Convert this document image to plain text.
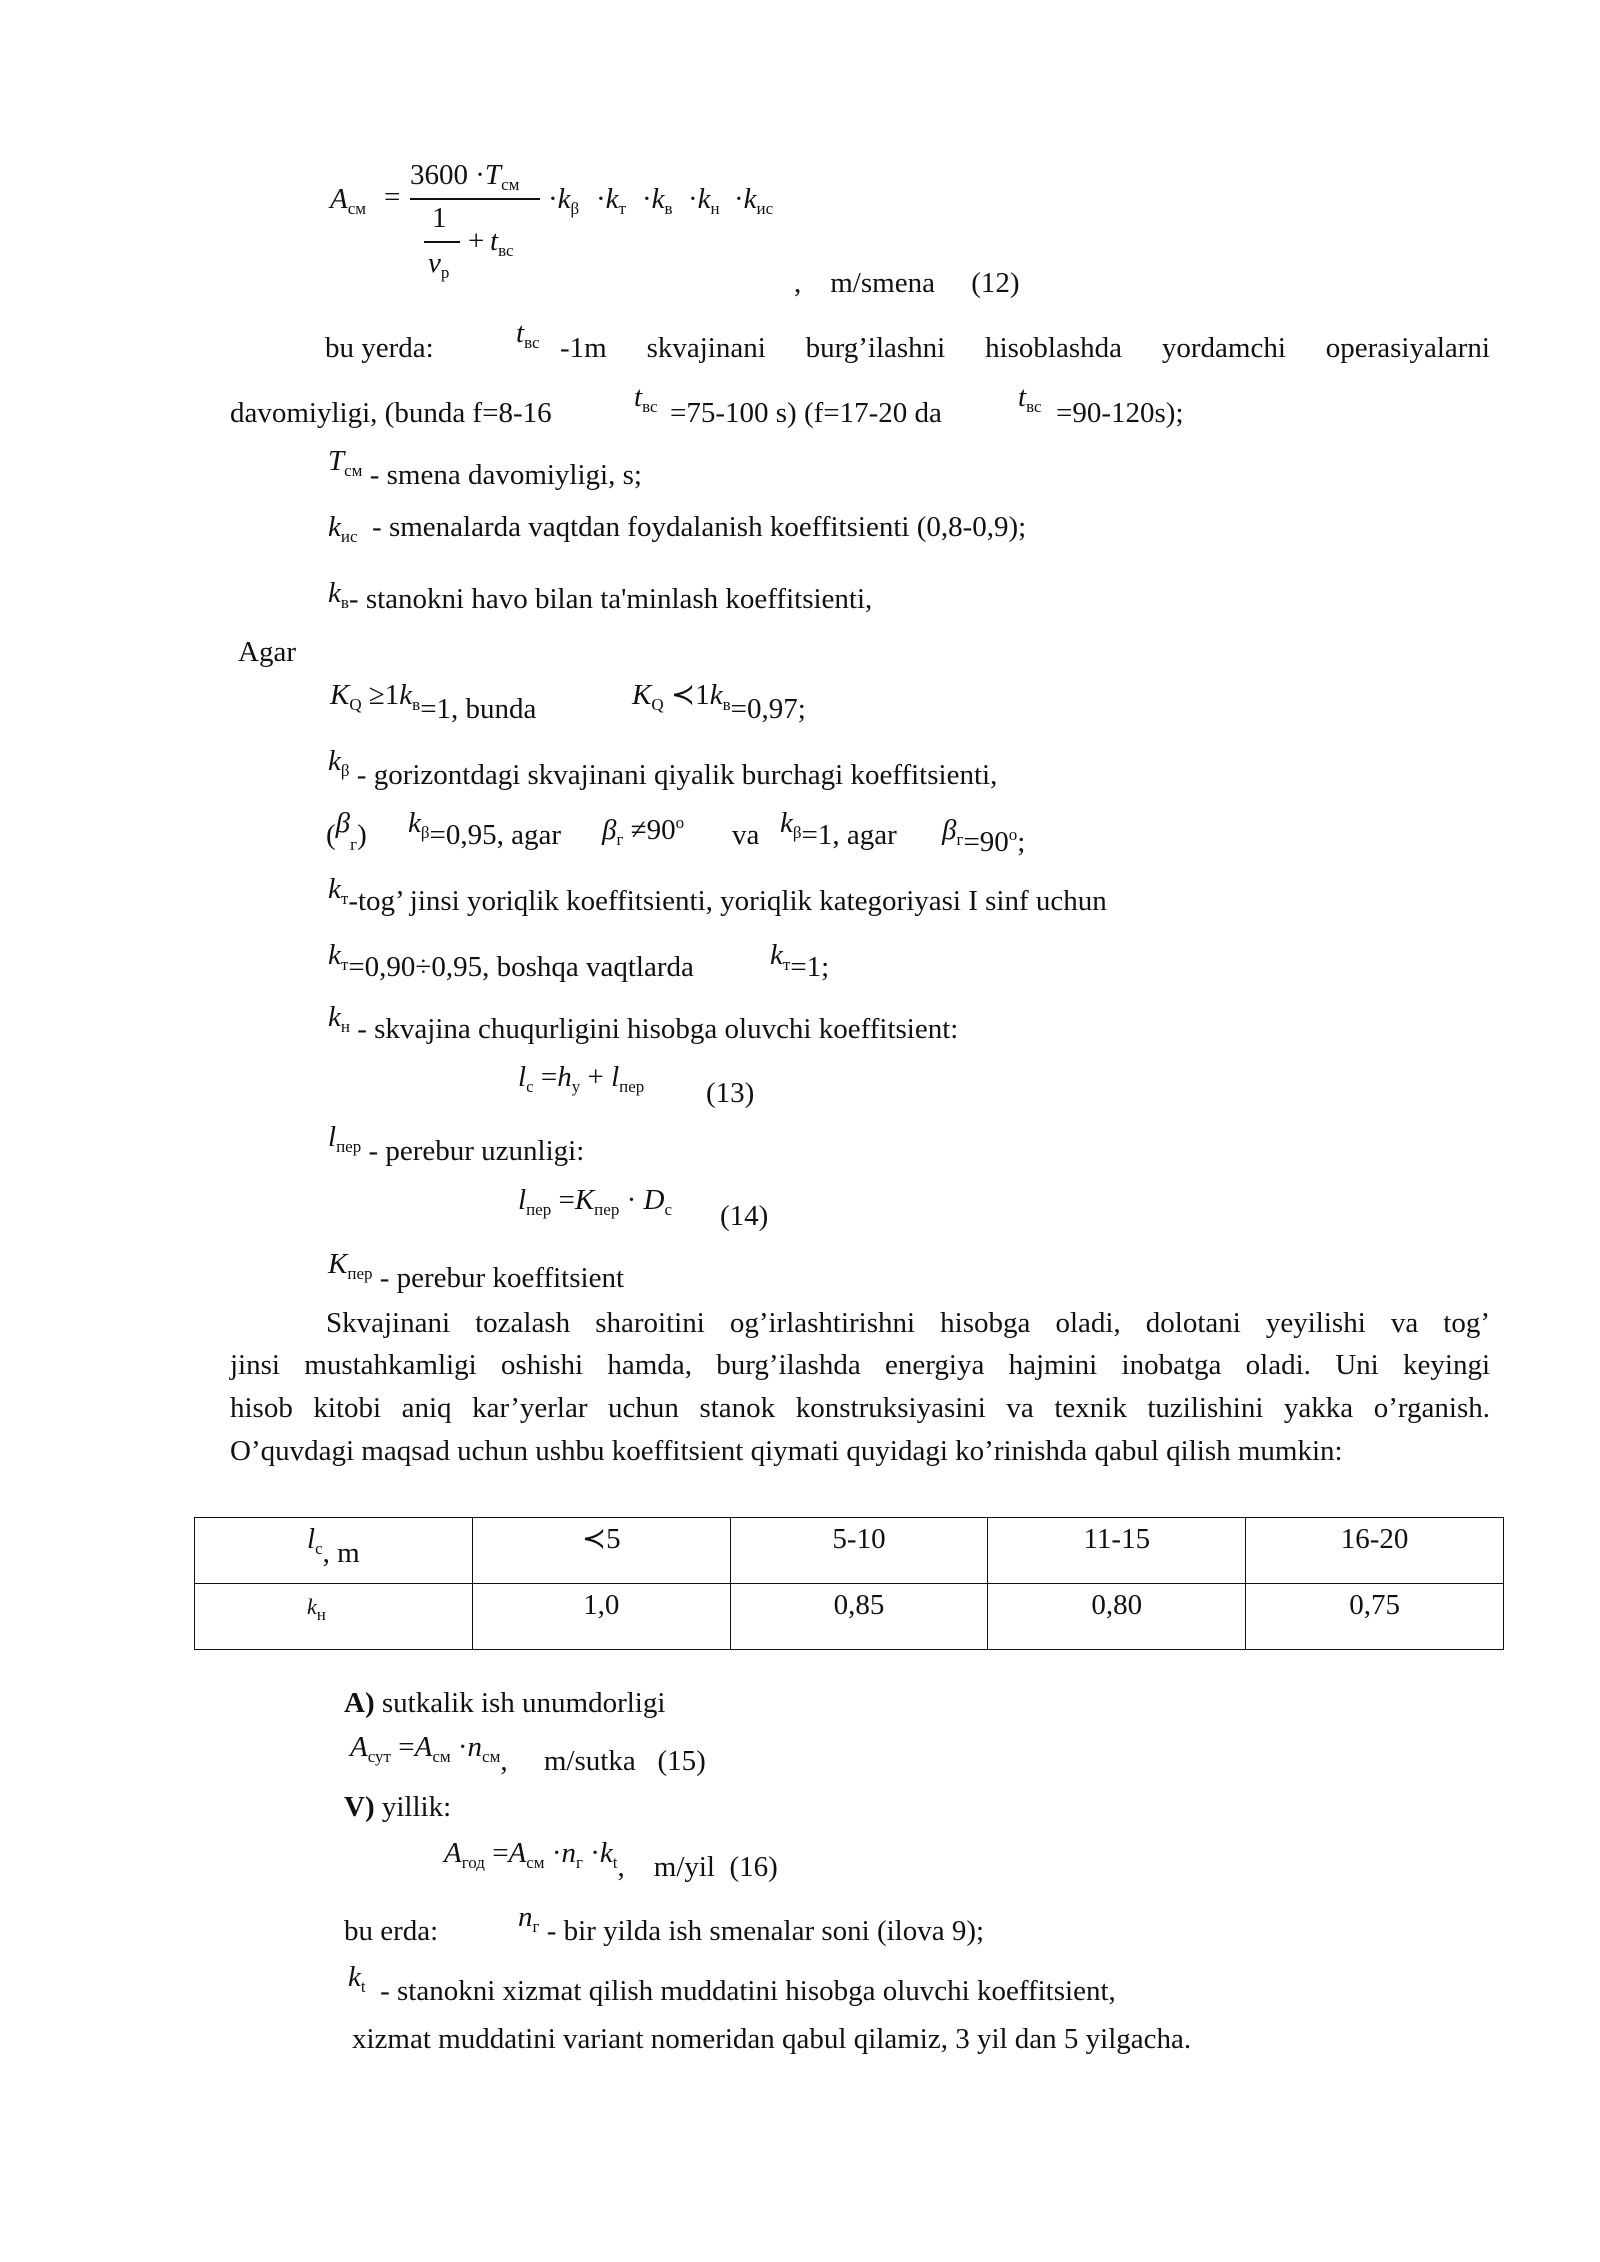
$A_{см}$ =
$3600 \cdot T_{см}$
1
$\nu_р$
+ $t_{вс}$
$\cdot k_\beta \cdot k_т \cdot k_в \cdot k_н \cdot k_{ис}$
,    m/smena     (12)
bu yerda:	$t_{вс}$ -1m skvajinani burg’ilashni hisoblashda yordamchi operasiyalarni
davomiyligi, (bunda f=8-16	$t_{вс} =75-100$ s) (f=17-20 da	$t_{вс} =90-120s$);
$T_{см}$ - smena davomiyligi, s;
$k_{ис}$  - smenalarda vaqtdan foydalanish koeffitsienti (0,8-0,9);
$k_в-$ stanokni havo bilan ta'minlash koeffitsienti,
Agar
$K_Q \ge 1k_в=1$, bunda	$K_Q$ $≺1k_в=0,97$;
$k_\beta$ - gorizontdagi skvajinani qiyalik burchagi koeffitsienti,
$(\beta_г)$ $k_\beta=0,95$, agar $\beta_г \ne 90^o$ va $k_\beta=1$, agar $\beta_г=90^o$;
$k_т$-tog’ jinsi yoriqlik koeffitsienti, yoriqlik kategoriyasi I sinf uchun
$k_т=0,90\div 0,95$, boshqa vaqtlarda	$k_т=1$;
$k_н$ - skvajina chuqurligini hisobga oluvchi koeffitsient:
$l_с =h_у + l_{пер}$ (13)
$l_{пер}$ - perebur uzunligi:
$l_{пер} =K_{пер} \cdot D_с$ (14)
$K_{пер}$ - perebur koeffitsient
Skvajinani tozalash sharoitini og’irlashtirishni hisobga oladi, dolotani yeyilishi va tog’
jinsi mustahkamligi oshishi hamda, burg’ilashda energiya hajmini inobatga oladi. Uni keyingi
hisob kitobi aniq kar’yerlar uchun stanok konstruksiyasini va texnik tuzilishini yakka o’rganish.
O’quvdagi maqsad uchun ushbu koeffitsient qiymati quyidagi ko’rinishda qabul qilish mumkin:
$l_с$, m	≺5	5-10	11-15	16-20
$k_н$	1,0	0,85	0,80	0,75
A) sutkalik ish unumdorligi
$A_{сут} =A_{см} \cdot n_{см}$,     m/sutka   (15)
V) yillik:
$A_{год} =A_{см} \cdot n_г \cdot k_t$,    m/yil  (16)
bu erda:	$n_г$ - bir yilda ish smenalar soni (ilova 9);
$k_t$  - stanokni xizmat qilish muddatini hisobga oluvchi koeffitsient,
xizmat muddatini variant nomeridan qabul qilamiz, 3 yil dan 5 yilgacha.
